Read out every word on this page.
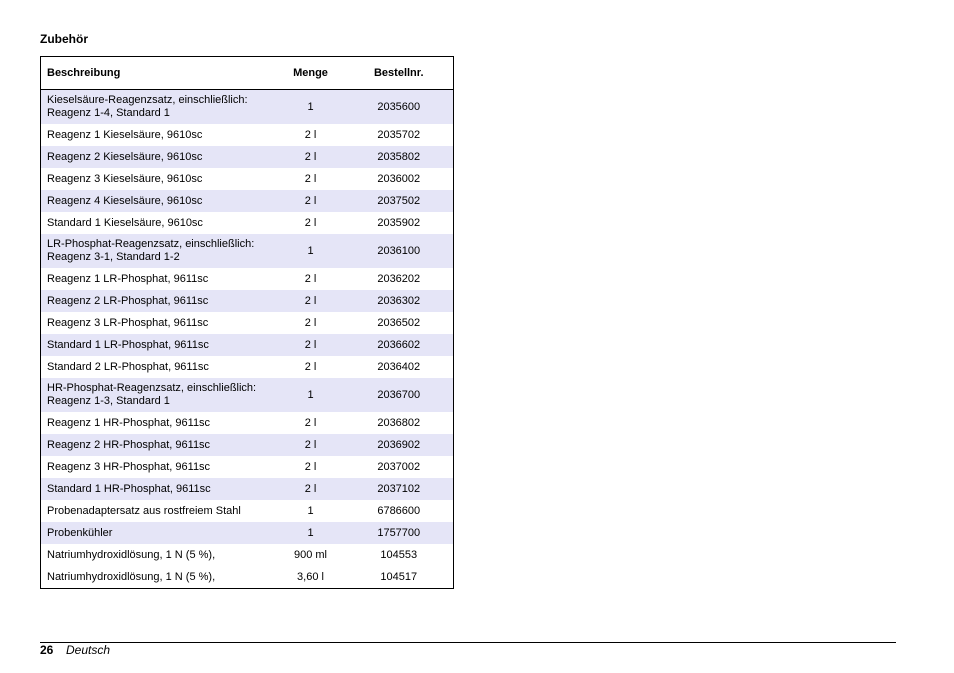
Zubehör
Beschreibung	Menge	Bestellnr.
Kieselsäure-Reagenzsatz, einschließlich: Reagenz 1-4, Standard 1	1	2035600
Reagenz 1 Kieselsäure, 9610sc	2 l	2035702
Reagenz 2 Kieselsäure, 9610sc	2 l	2035802
Reagenz 3 Kieselsäure, 9610sc	2 l	2036002
Reagenz 4 Kieselsäure, 9610sc	2 l	2037502
Standard 1 Kieselsäure, 9610sc	2 l	2035902
LR-Phosphat-Reagenzsatz, einschließlich: Reagenz 3-1, Standard 1-2	1	2036100
Reagenz 1 LR-Phosphat, 9611sc	2 l	2036202
Reagenz 2 LR-Phosphat, 9611sc	2 l	2036302
Reagenz 3 LR-Phosphat, 9611sc	2 l	2036502
Standard 1 LR-Phosphat, 9611sc	2 l	2036602
Standard 2 LR-Phosphat, 9611sc	2 l	2036402
HR-Phosphat-Reagenzsatz, einschließlich: Reagenz 1-3, Standard 1	1	2036700
Reagenz 1 HR-Phosphat, 9611sc	2 l	2036802
Reagenz 2 HR-Phosphat, 9611sc	2 l	2036902
Reagenz 3 HR-Phosphat, 9611sc	2 l	2037002
Standard 1 HR-Phosphat, 9611sc	2 l	2037102
Probenadaptersatz aus rostfreiem Stahl	1	6786600
Probenkühler	1	1757700
Natriumhydroxidlösung, 1 N (5 %),	900 ml	104553
Natriumhydroxidlösung, 1 N (5 %),	3,60 l	104517
26 Deutsch
